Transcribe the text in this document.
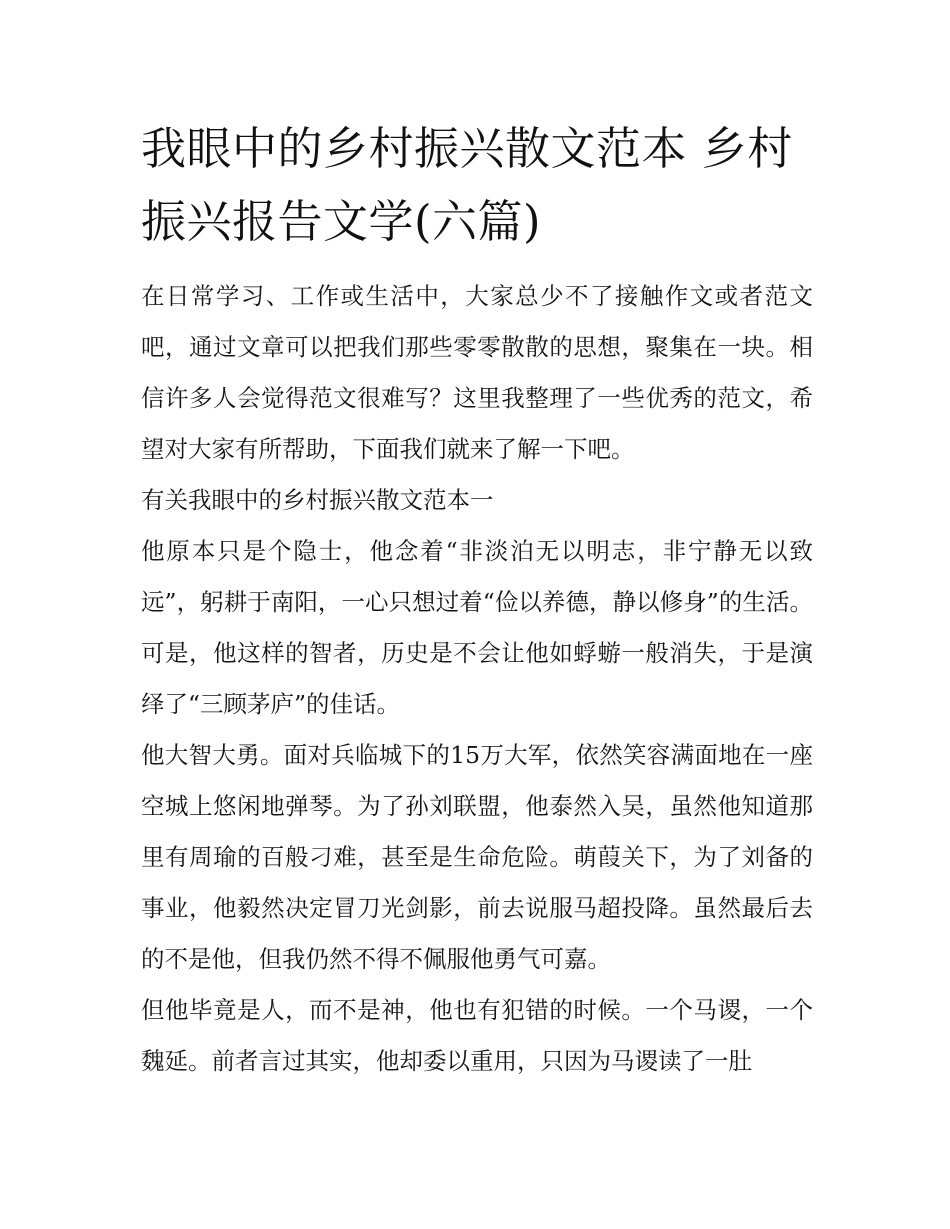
我眼中的乡村振兴散文范本 乡村振兴报告文学(六篇)

在日常学习、工作或生活中，大家总少不了接触作文或者范文吧，通过文章可以把我们那些零零散散的思想，聚集在一块。相信许多人会觉得范文很难写？这里我整理了一些优秀的范文，希望对大家有所帮助，下面我们就来了解一下吧。

有关我眼中的乡村振兴散文范本一

他原本只是个隐士，他念着“非淡泊无以明志，非宁静无以致远”，躬耕于南阳，一心只想过着“俭以养德，静以修身”的生活。可是，他这样的智者，历史是不会让他如蜉蝣一般消失，于是演绎了“三顾茅庐”的佳话。

他大智大勇。面对兵临城下的15万大军，依然笑容满面地在一座空城上悠闲地弹琴。为了孙刘联盟，他泰然入吴，虽然他知道那里有周瑜的百般刁难，甚至是生命危险。萌葭关下，为了刘备的事业，他毅然决定冒刀光剑影，前去说服马超投降。虽然最后去的不是他，但我仍然不得不佩服他勇气可嘉。

但他毕竟是人，而不是神，他也有犯错的时候。一个马谡，一个魏延。前者言过其实，他却委以重用，只因为马谡读了一肚
